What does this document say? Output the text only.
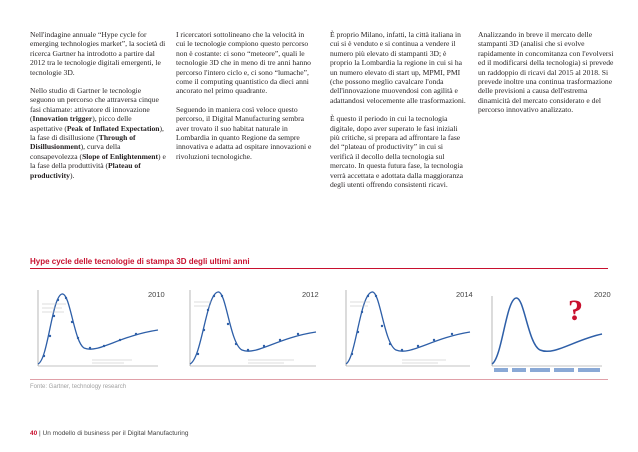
Nell'indagine annuale “Hype cycle for emerging technologies market”, la società di ricerca Gartner ha introdotto a partire dal 2012 tra le tecnologie digitali emergenti, le tecnologie 3D.

Nello studio di Gartner le tecnologie seguono un percorso che attraversa cinque fasi chiamate: attivatore di innovazione (Innovation trigger), picco delle aspettative (Peak of Inflated Expectation), la fase di disillusione (Through of Disillusionment), curva della consapevolezza (Slope of Enlightenment) e la fase della produttività (Plateau of productivity).

I ricercatori sottolineano che la velocità in cui le tecnologie compiono questo percorso non è costante: ci sono “meteore”, quali le tecnologie 3D che in meno di tre anni hanno percorso l'intero ciclo e, ci sono “lumache”, come il computing quantistico da dieci anni ancorato nel primo quadrante.

Seguendo in maniera così veloce questo percorso, il Digital Manufacturing sembra aver trovato il suo habitat naturale in Lombardia in quanto Regione da sempre innovativa e adatta ad ospitare innovazioni e rivoluzioni tecnologiche.

È proprio Milano, infatti, la città italiana in cui si è venduto e si continua a vendere il numero più elevato di stampanti 3D; è proprio la Lombardia la regione in cui si ha un numero elevato di start up, MPMI, PMI (che possono meglio cavalcare l'onda dell'innovazione muovendosi con agilità e adattandosi velocemente alle trasformazioni.

È questo il periodo in cui la tecnologia digitale, dopo aver superato le fasi iniziali più critiche, si prepara ad affrontare la fase del “plateau of productivity” in cui si verificà il decollo della tecnologia sul mercato. In questa futura fase, la tecnologia verrà accettata e adottata dalla maggioranza degli utenti offrendo consistenti ricavi.

Analizzando in breve il mercato delle stampanti 3D (analisi che si evolve rapidamente in concomitanza con l'evolversi ed il modificarsi della tecnologia) si prevede un raddoppio di ricavi dal 2015 al 2018. Si prevede inoltre una continua trasformazione delle previsioni a causa dell'estrema dinamicità del mercato considerato e del percorso innovativo analizzato.

Hype cycle delle tecnologie di stampa 3D degli ultimi anni
2010	2012	2014	2020
?
Fonte: Gartner, technology research
40 | Un modello di business per il Digital Manufacturing
